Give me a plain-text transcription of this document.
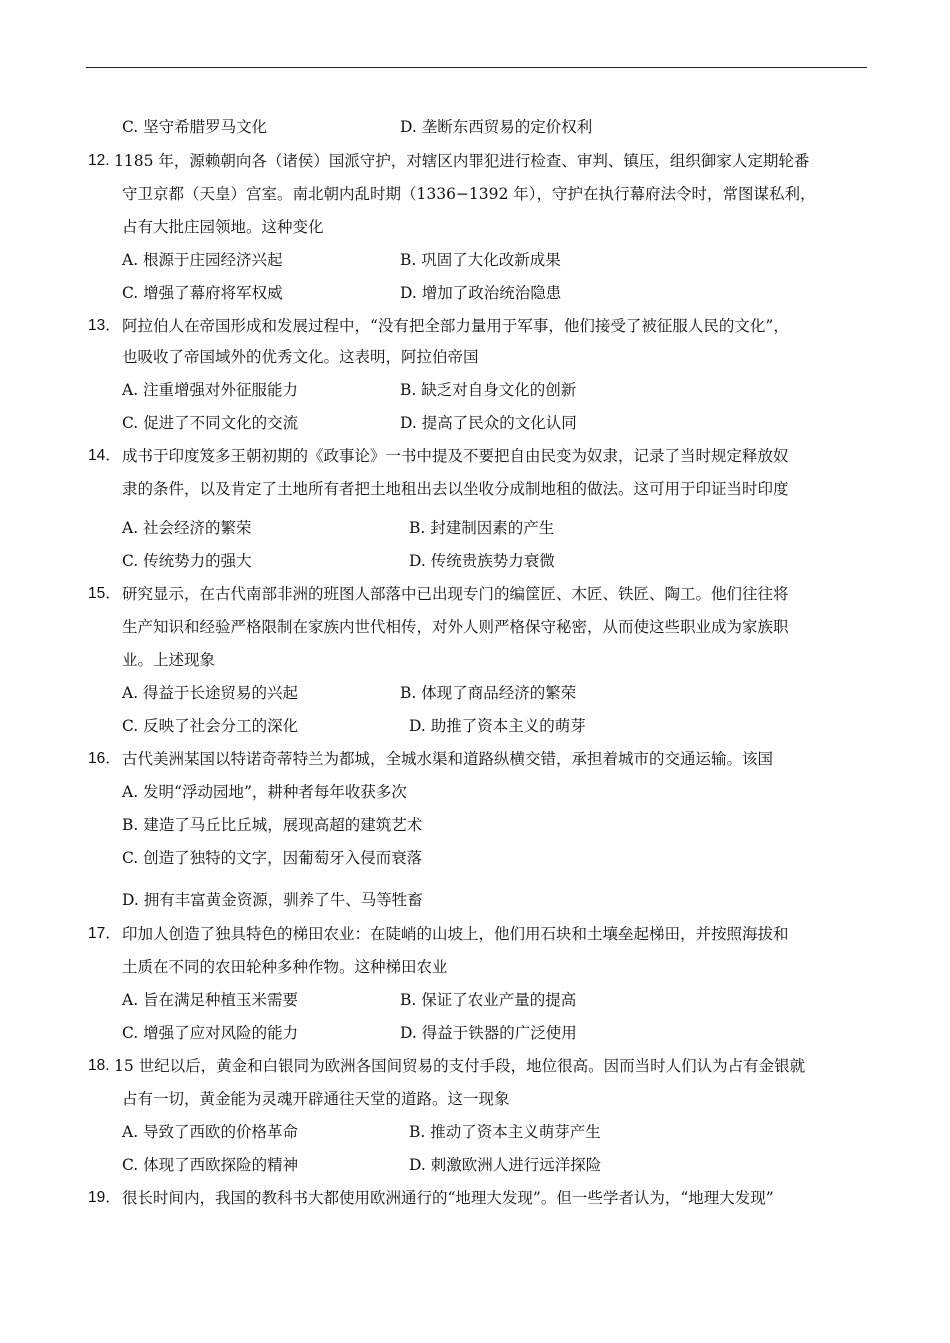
C. 坚守希腊罗马文化	D. 垄断东西贸易的定价权利
12. 1185 年，源赖朝向各（诸侯）国派守护，对辖区内罪犯进行检查、审判、镇压，组织御家人定期轮番
守卫京都（天皇）宫室。南北朝内乱时期（1336−1392 年），守护在执行幕府法令时，常图谋私利，
占有大批庄园领地。这种变化
A. 根源于庄园经济兴起	B. 巩固了大化改新成果
C. 增强了幕府将军权威	D. 增加了政治统治隐患
13． 阿拉伯人在帝国形成和发展过程中，“没有把全部力量用于军事，他们接受了被征服人民的文化”，
也吸收了帝国域外的优秀文化。这表明，阿拉伯帝国
A. 注重增强对外征服能力	B. 缺乏对自身文化的创新
C. 促进了不同文化的交流	D. 提高了民众的文化认同
14． 成书于印度笈多王朝初期的《政事论》一书中提及不要把自由民变为奴隶，记录了当时规定释放奴
隶的条件，以及肯定了土地所有者把土地租出去以坐收分成制地租的做法。这可用于印证当时印度
A. 社会经济的繁荣	B. 封建制因素的产生
C. 传统势力的强大	D. 传统贵族势力衰微
15． 研究显示，在古代南部非洲的班图人部落中已出现专门的编筐匠、木匠、铁匠、陶工。他们往往将
生产知识和经验严格限制在家族内世代相传，对外人则严格保守秘密，从而使这些职业成为家族职
业。上述现象
A. 得益于长途贸易的兴起	B. 体现了商品经济的繁荣
C. 反映了社会分工的深化	D. 助推了资本主义的萌芽
16． 古代美洲某国以特诺奇蒂特兰为都城，全城水渠和道路纵横交错，承担着城市的交通运输。该国
A. 发明“浮动园地”，耕种者每年收获多次
B. 建造了马丘比丘城，展现高超的建筑艺术
C. 创造了独特的文字，因葡萄牙入侵而衰落
D. 拥有丰富黄金资源，驯养了牛、马等牲畜
17． 印加人创造了独具特色的梯田农业：在陡峭的山坡上，他们用石块和土壤垒起梯田，并按照海拔和
土质在不同的农田轮种多种作物。这种梯田农业
A. 旨在满足种植玉米需要	B. 保证了农业产量的提高
C. 增强了应对风险的能力	D. 得益于铁器的广泛使用
18. 15 世纪以后，黄金和白银同为欧洲各国间贸易的支付手段，地位很高。因而当时人们认为占有金银就
占有一切，黄金能为灵魂开辟通往天堂的道路。这一现象
A. 导致了西欧的价格革命	B. 推动了资本主义萌芽产生
C. 体现了西欧探险的精神	D. 刺激欧洲人进行远洋探险
19． 很长时间内，我国的教科书大都使用欧洲通行的“地理大发现”。但一些学者认为，“地理大发现”
